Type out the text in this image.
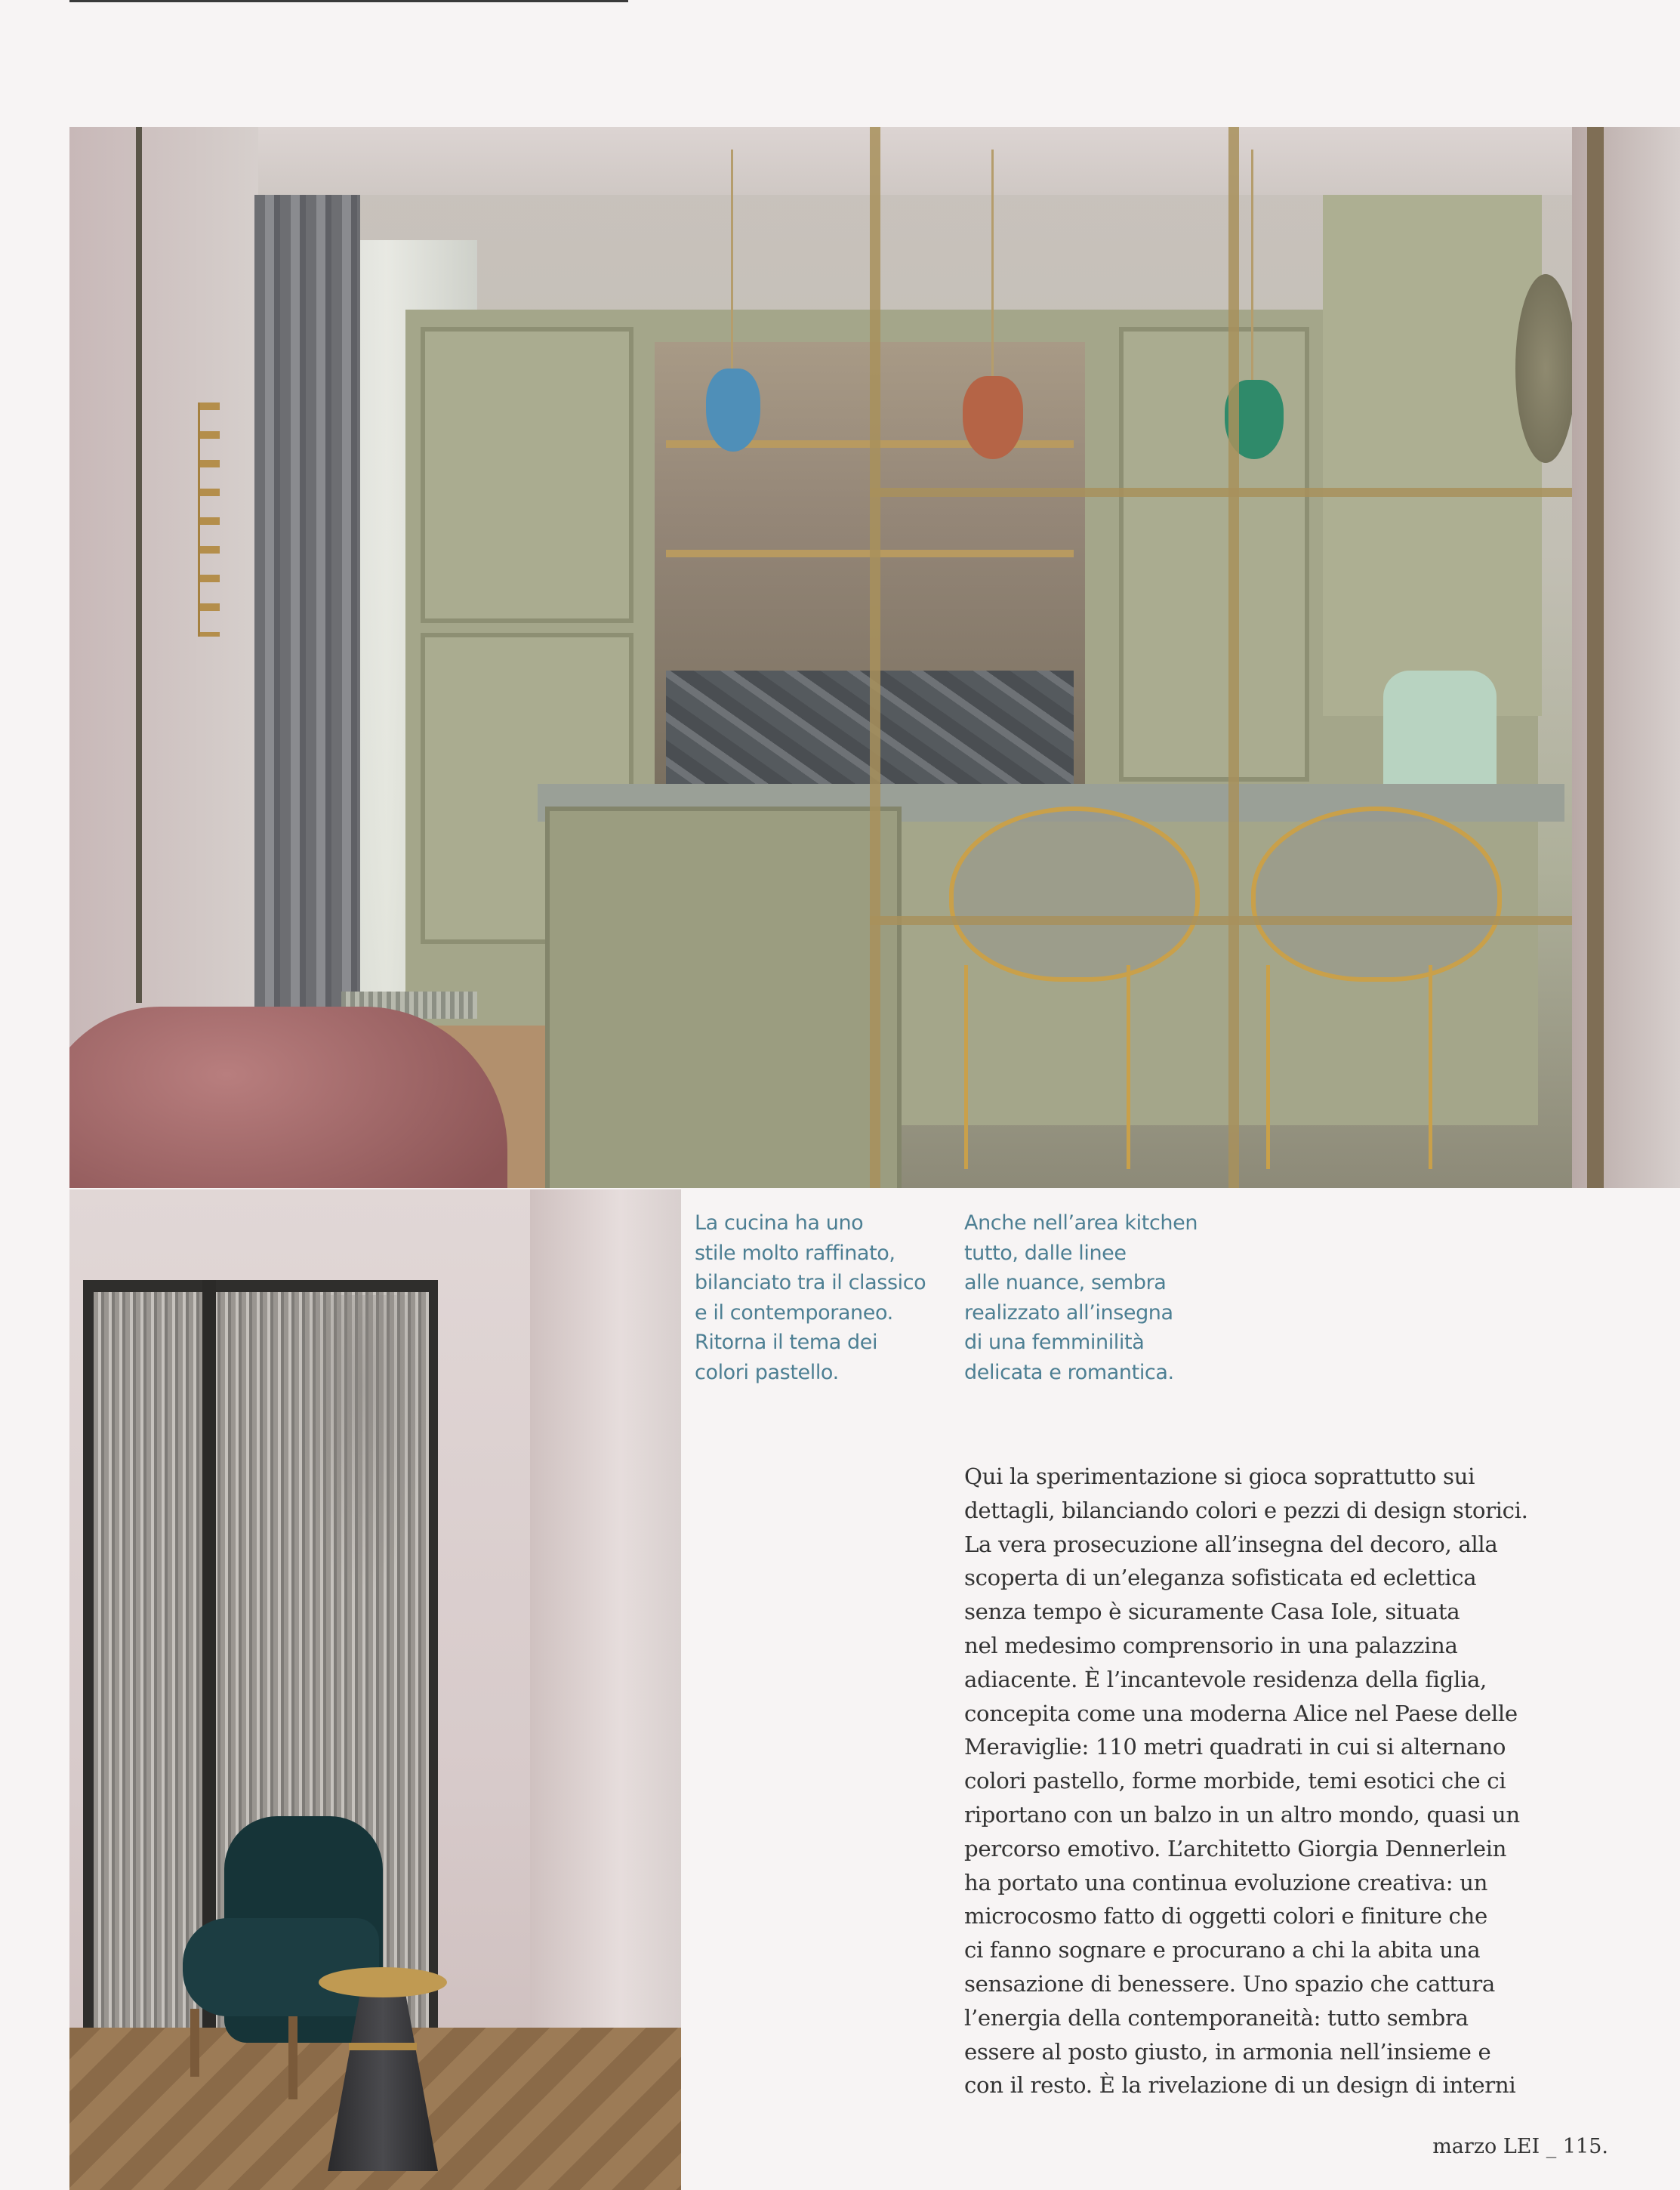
La cucina ha uno
stile molto raffinato,
bilanciato tra il classico
e il contemporaneo.
Ritorna il tema dei
colori pastello.
Anche nell’area kitchen
tutto, dalle linee
alle nuance, sembra
realizzato all’insegna
di una femminilità
delicata e romantica.
Qui la sperimentazione si gioca soprattutto sui
dettagli, bilanciando colori e pezzi di design storici.
La vera prosecuzione all’insegna del decoro, alla
scoperta di un’eleganza sofisticata ed eclettica
senza tempo è sicuramente Casa Iole, situata
nel medesimo comprensorio in una palazzina
adiacente. È l’incantevole residenza della figlia,
concepita come una moderna Alice nel Paese delle
Meraviglie: 110 metri quadrati in cui si alternano
colori pastello, forme morbide, temi esotici che ci
riportano con un balzo in un altro mondo, quasi un
percorso emotivo. L’architetto Giorgia Dennerlein
ha portato una continua evoluzione creativa: un
microcosmo fatto di oggetti colori e finiture che
ci fanno sognare e procurano a chi la abita una
sensazione di benessere. Uno spazio che cattura
l’energia della contemporaneità: tutto sembra
essere al posto giusto, in armonia nell’insieme e
con il resto. È la rivelazione di un design di interni
marzo LEI _ 115.
